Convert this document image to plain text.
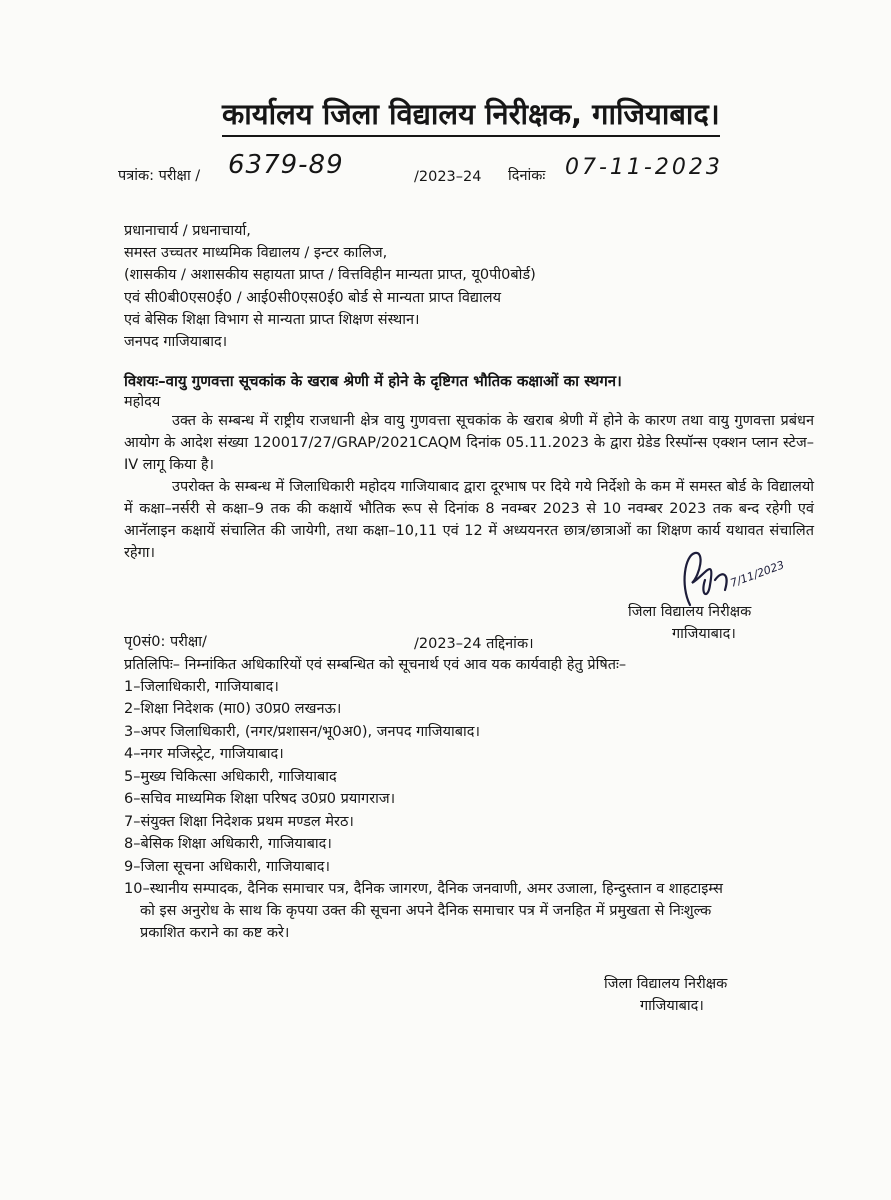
कार्यालय जिला विद्यालय निरीक्षक, गाजियाबाद।
पत्रांक: परीक्षा / 6379-89	/2023–24 दिनांकः 07-11-2023
प्रधानाचार्य / प्रधनाचार्या,
समस्त उच्चतर माध्यमिक विद्यालय / इन्टर कालिज,
(शासकीय / अशासकीय सहायता प्राप्त / वित्तविहीन मान्यता प्राप्त, यू0पी0बोर्ड)
एवं सी0बी0एस0ई0 / आई0सी0एस0ई0 बोर्ड से मान्यता प्राप्त विद्यालय
एवं बेसिक शिक्षा विभाग से मान्यता प्राप्त शिक्षण संस्थान।
जनपद गाजियाबाद।
विशयः–वायु गुणवत्ता सूचकांक के खराब श्रेणी में होने के दृष्टिगत भौतिक कक्षाओं का स्थगन।
महोदय
उक्त के सम्बन्ध में राष्ट्रीय राजधानी क्षेत्र वायु गुणवत्ता सूचकांक के खराब श्रेणी में होने के कारण तथा वायु गुणवत्ता प्रबंधन आयोग के आदेश संख्या 120017/27/GRAP/2021CAQM दिनांक 05.11.2023 के द्वारा ग्रेडेड रिस्पॉन्स एक्शन प्लान स्टेज–IV लागू किया है।
उपरोक्त के सम्बन्ध में जिलाधिकारी महोदय गाजियाबाद द्वारा दूरभाष पर दिये गये निर्देशो के कम में समस्त बोर्ड के विद्यालयो में कक्षा–नर्सरी से कक्षा–9 तक की कक्षायें भौतिक रूप से दिनांक 8 नवम्बर 2023 से 10 नवम्बर 2023 तक बन्द रहेगी एवं आनॅलाइन कक्षायें संचालित की जायेगी, तथा कक्षा–10,11 एवं 12 में अध्ययनरत छात्र/छात्राओं का शिक्षण कार्य यथावत संचालित रहेगा।
7/11/2023
जिला विद्यालय निरीक्षक
गाजियाबाद।
पृ0सं0: परीक्षा/	/2023–24 तद्दिनांक।
प्रतिलिपिः– निम्नांकित अधिकारियों एवं सम्बन्धित को सूचनार्थ एवं आव यक कार्यवाही हेतु प्रेषितः–
1–जिलाधिकारी, गाजियाबाद।
2–शिक्षा निदेशक (मा0) उ0प्र0 लखनऊ।
3–अपर जिलाधिकारी, (नगर/प्रशासन/भू0अ0), जनपद गाजियाबाद।
4–नगर मजिस्ट्रेट, गाजियाबाद।
5–मुख्य चिकित्सा अधिकारी, गाजियाबाद
6–सचिव माध्यमिक शिक्षा परिषद उ0प्र0 प्रयागराज।
7–संयुक्त शिक्षा निदेशक प्रथम मण्डल मेरठ।
8–बेसिक शिक्षा अधिकारी, गाजियाबाद।
9–जिला सूचना अधिकारी, गाजियाबाद।
10–स्थानीय सम्पादक, दैनिक समाचार पत्र, दैनिक जागरण, दैनिक जनवाणी, अमर उजाला, हिन्दुस्तान व शाहटाइम्स
को इस अनुरोध के साथ कि कृपया उक्त की सूचना अपने दैनिक समाचार पत्र में जनहित में प्रमुखता से निःशुल्क
प्रकाशित कराने का कष्ट करे।
जिला विद्यालय निरीक्षक
गाजियाबाद।
